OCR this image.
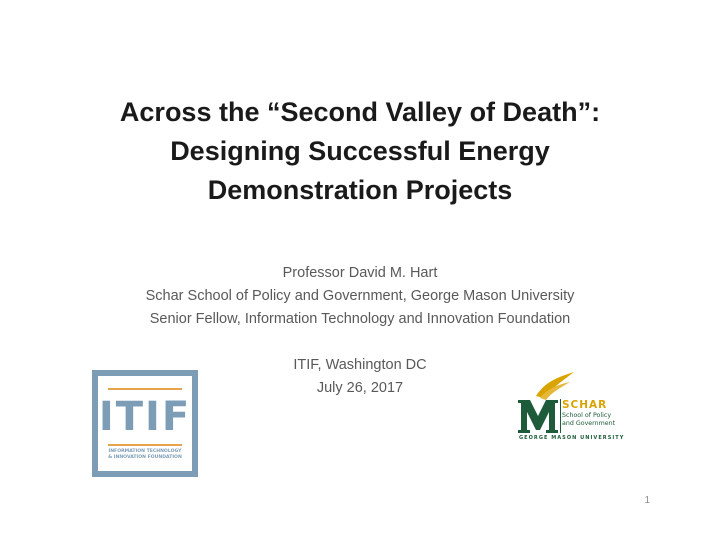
Across the “Second Valley of Death”:
Designing Successful Energy
Demonstration Projects
Professor David M. Hart
Schar School of Policy and Government, George Mason University
Senior Fellow, Information Technology and Innovation Foundation
ITIF, Washington DC
July 26, 2017
ITIF
INFORMATION TECHNOLOGY
& INNOVATION FOUNDATION
SCHAR
School of Policy
and Government
GEORGE MASON UNIVERSITY
1
